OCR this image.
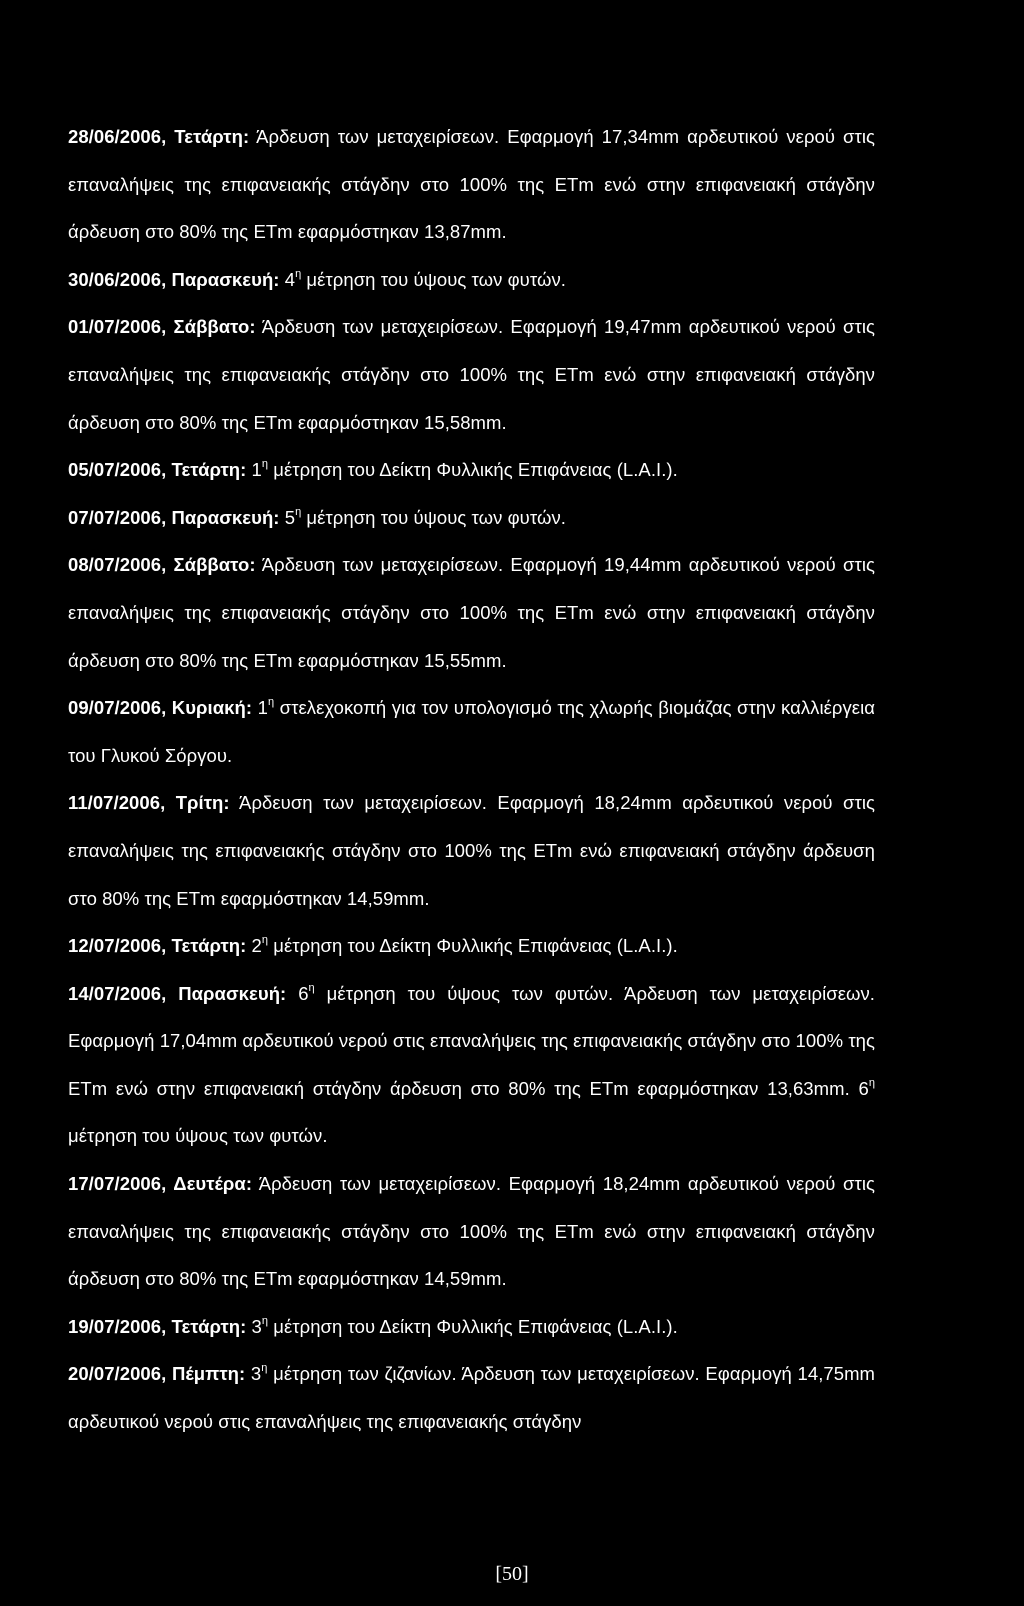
28/06/2006, Τετάρτη: Άρδευση των μεταχειρίσεων. Εφαρμογή 17,34mm αρδευτικού νερού στις επαναλήψεις της επιφανειακής στάγδην στο 100% της ETm ενώ στην επιφανειακή στάγδην άρδευση στο 80% της ETm εφαρμόστηκαν 13,87mm.

30/06/2006, Παρασκευή: $4^\eta$ μέτρηση του ύψους των φυτών.

01/07/2006, Σάββατο: Άρδευση των μεταχειρίσεων. Εφαρμογή 19,47mm αρδευτικού νερού στις επαναλήψεις της επιφανειακής στάγδην στο 100% της ETm ενώ στην επιφανειακή στάγδην άρδευση στο 80% της ETm εφαρμόστηκαν 15,58mm.

05/07/2006, Τετάρτη: $1^\eta$ μέτρηση του Δείκτη Φυλλικής Επιφάνειας (L.A.I.).

07/07/2006, Παρασκευή: $5^\eta$ μέτρηση του ύψους των φυτών.

08/07/2006, Σάββατο: Άρδευση των μεταχειρίσεων. Εφαρμογή 19,44mm αρδευτικού νερού στις επαναλήψεις της επιφανειακής στάγδην στο 100% της ETm ενώ στην επιφανειακή στάγδην άρδευση στο 80% της ETm εφαρμόστηκαν 15,55mm.

09/07/2006, Κυριακή: $1^\eta$ στελεχοκοπή για τον υπολογισμό της χλωρής βιομάζας στην καλλιέργεια του Γλυκού Σόργου.

11/07/2006, Τρίτη: Άρδευση των μεταχειρίσεων. Εφαρμογή 18,24mm αρδευτικού νερού στις επαναλήψεις της επιφανειακής στάγδην στο 100% της ETm ενώ επιφανειακή στάγδην άρδευση στο 80% της ETm εφαρμόστηκαν 14,59mm.

12/07/2006, Τετάρτη: $2^\eta$ μέτρηση του Δείκτη Φυλλικής Επιφάνειας (L.A.I.).

14/07/2006, Παρασκευή: $6^\eta$ μέτρηση του ύψους των φυτών. Άρδευση των μεταχειρίσεων. Εφαρμογή 17,04mm αρδευτικού νερού στις επαναλήψεις της επιφανειακής στάγδην στο 100% της ETm ενώ στην επιφανειακή στάγδην άρδευση στο 80% της ETm εφαρμόστηκαν 13,63mm. $6^\eta$ μέτρηση του ύψους των φυτών.

17/07/2006, Δευτέρα: Άρδευση των μεταχειρίσεων. Εφαρμογή 18,24mm αρδευτικού νερού στις επαναλήψεις της επιφανειακής στάγδην στο 100% της ETm ενώ στην επιφανειακή στάγδην άρδευση στο 80% της ETm εφαρμόστηκαν 14,59mm.

19/07/2006, Τετάρτη: $3^\eta$ μέτρηση του Δείκτη Φυλλικής Επιφάνειας (L.A.I.).

20/07/2006, Πέμπτη: $3^\eta$ μέτρηση των ζιζανίων. Άρδευση των μεταχειρίσεων. Εφαρμογή 14,75mm αρδευτικού νερού στις επαναλήψεις της επιφανειακής στάγδην

[50]
